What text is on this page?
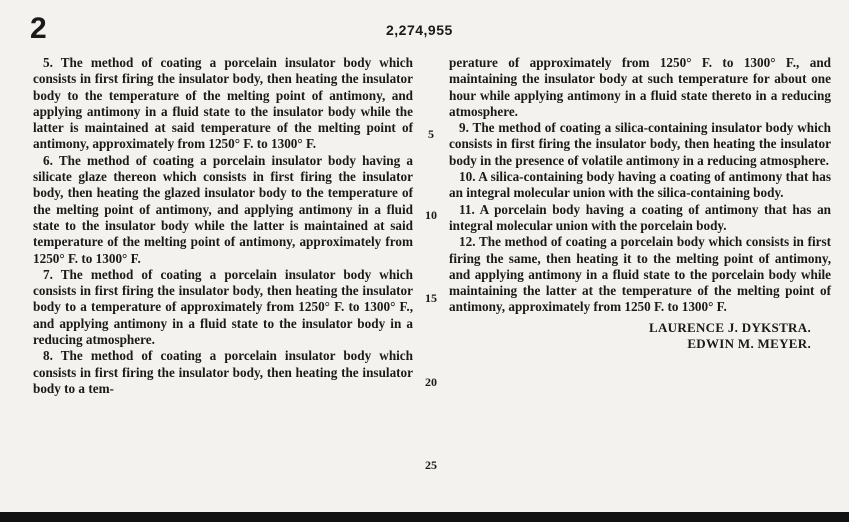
2	2,274,955

5. The method of coating a porcelain insulator body which consists in first firing the insulator body, then heating the insulator body to the temperature of the melting point of antimony, and applying antimony in a fluid state to the insulator body while the latter is maintained at said temperature of the melting point of antimony, approximately from 1250° F. to 1300° F.

6. The method of coating a porcelain insulator body having a silicate glaze thereon which consists in first firing the insulator body, then heating the glazed insulator body to the temperature of the melting point of antimony, and applying antimony in a fluid state to the insulator body while the latter is maintained at said temperature of the melting point of antimony, approximately from 1250° F. to 1300° F.

7. The method of coating a porcelain insulator body which consists in first firing the insulator body, then heating the insulator body to a temperature of approximately from 1250° F. to 1300° F., and applying antimony in a fluid state to the insulator body in a reducing atmosphere.

8. The method of coating a porcelain insulator body which consists in first firing the insulator body, then heating the insulator body to a tem-

5
10
15
20
25

perature of approximately from 1250° F. to 1300° F., and maintaining the insulator body at such temperature for about one hour while applying antimony in a fluid state thereto in a reducing atmosphere.

9. The method of coating a silica-containing insulator body which consists in first firing the insulator body, then heating the insulator body in the presence of volatile antimony in a reducing atmosphere.

10. A silica-containing body having a coating of antimony that has an integral molecular union with the silica-containing body.

11. A porcelain body having a coating of antimony that has an integral molecular union with the porcelain body.

12. The method of coating a porcelain body which consists in first firing the same, then heating it to the melting point of antimony, and applying antimony in a fluid state to the porcelain body while maintaining the latter at the temperature of the melting point of antimony, approximately from 1250 F. to 1300° F.

LAURENCE J. DYKSTRA.
EDWIN M. MEYER.
